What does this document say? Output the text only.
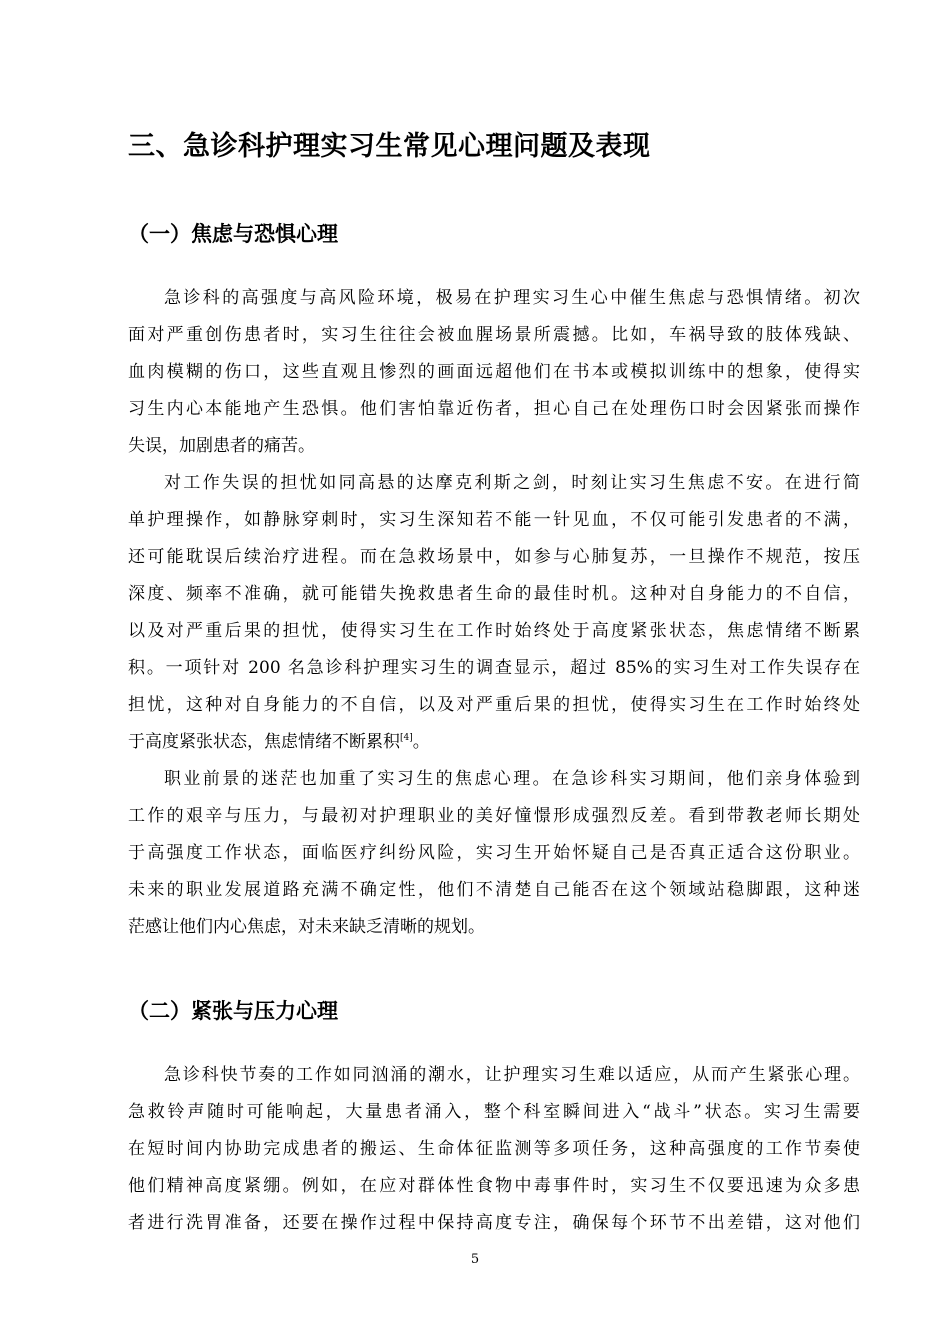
三、急诊科护理实习生常见心理问题及表现
（一）焦虑与恐惧心理

急诊科的高强度与高风险环境，极易在护理实习生心中催生焦虑与恐惧情绪。初次
面对严重创伤患者时，实习生往往会被血腥场景所震撼。比如，车祸导致的肢体残缺、
血肉模糊的伤口，这些直观且惨烈的画面远超他们在书本或模拟训练中的想象，使得实
习生内心本能地产生恐惧。他们害怕靠近伤者，担心自己在处理伤口时会因紧张而操作
失误，加剧患者的痛苦。

对工作失误的担忧如同高悬的达摩克利斯之剑，时刻让实习生焦虑不安。在进行简
单护理操作，如静脉穿刺时，实习生深知若不能一针见血，不仅可能引发患者的不满，
还可能耽误后续治疗进程。而在急救场景中，如参与心肺复苏，一旦操作不规范，按压
深度、频率不准确，就可能错失挽救患者生命的最佳时机。这种对自身能力的不自信，
以及对严重后果的担忧，使得实习生在工作时始终处于高度紧张状态，焦虑情绪不断累
积。一项针对 200 名急诊科护理实习生的调查显示，超过 85%的实习生对工作失误存在
担忧，这种对自身能力的不自信，以及对严重后果的担忧，使得实习生在工作时始终处
于高度紧张状态，焦虑情绪不断累积[4]。

职业前景的迷茫也加重了实习生的焦虑心理。在急诊科实习期间，他们亲身体验到
工作的艰辛与压力，与最初对护理职业的美好憧憬形成强烈反差。看到带教老师长期处
于高强度工作状态，面临医疗纠纷风险，实习生开始怀疑自己是否真正适合这份职业。
未来的职业发展道路充满不确定性，他们不清楚自己能否在这个领域站稳脚跟，这种迷
茫感让他们内心焦虑，对未来缺乏清晰的规划。

（二）紧张与压力心理

急诊科快节奏的工作如同汹涌的潮水，让护理实习生难以适应，从而产生紧张心理。
急救铃声随时可能响起，大量患者涌入，整个科室瞬间进入“战斗”状态。实习生需要
在短时间内协助完成患者的搬运、生命体征监测等多项任务，这种高强度的工作节奏使
他们精神高度紧绷。例如，在应对群体性食物中毒事件时，实习生不仅要迅速为众多患
者进行洗胃准备，还要在操作过程中保持高度专注，确保每个环节不出差错，这对他们

5
